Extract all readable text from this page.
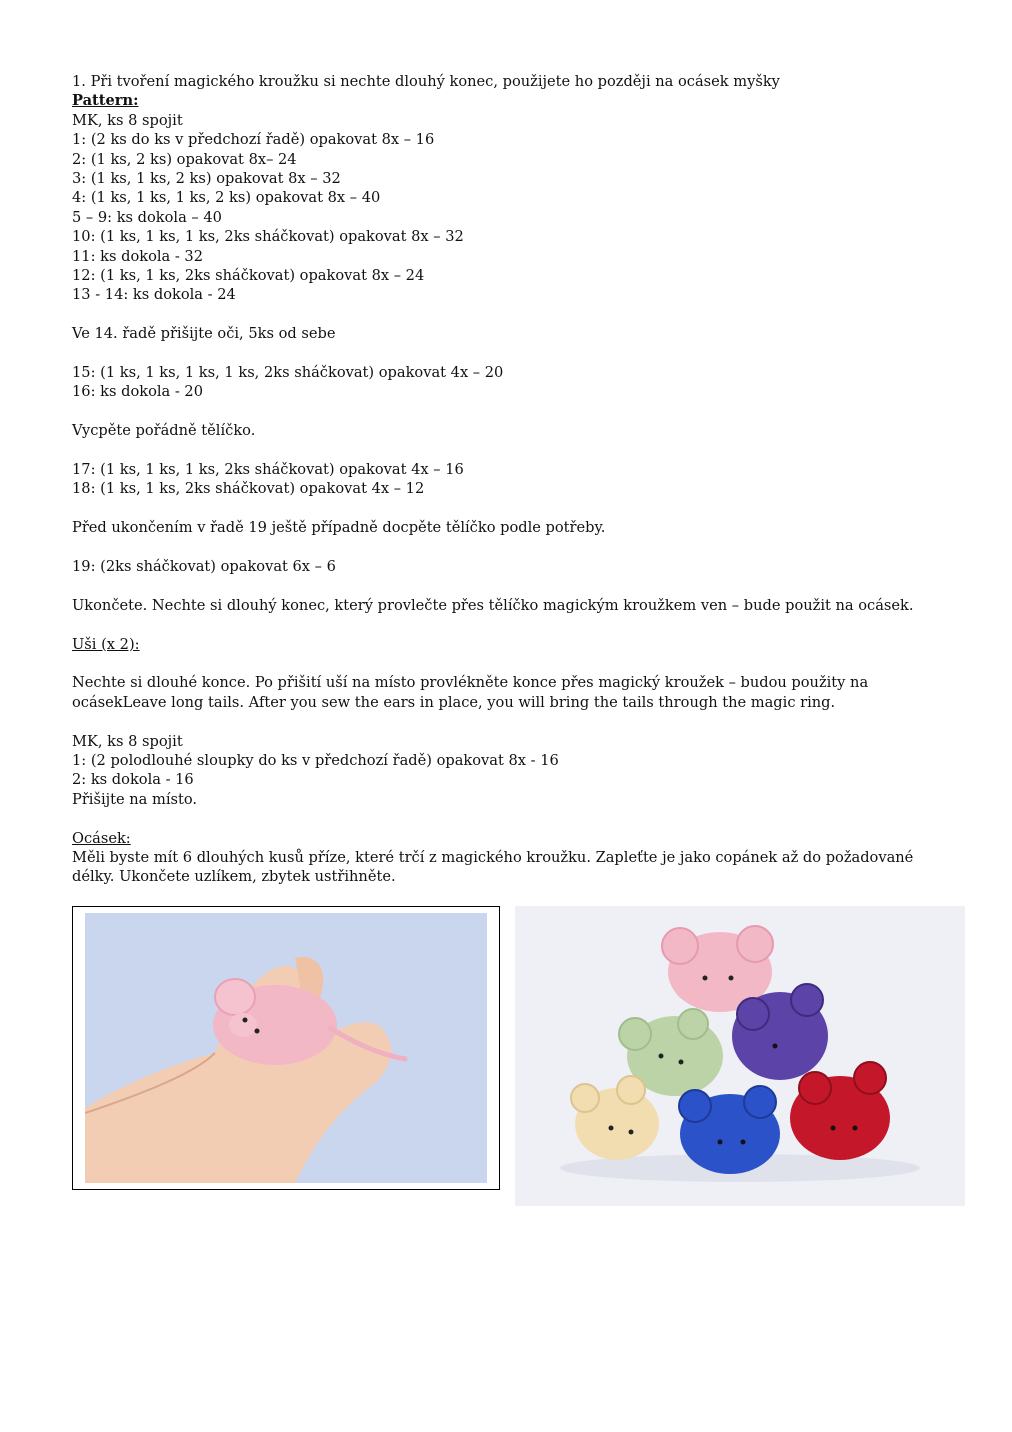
1. Při tvoření magického kroužku si nechte dlouhý konec, použijete ho později na ocásek myšky
Pattern:
MK, ks 8 spojit
1: (2 ks do ks v předchozí řadě) opakovat 8x – 16
2: (1 ks, 2 ks) opakovat 8x– 24
3: (1 ks, 1 ks, 2 ks) opakovat 8x – 32
4: (1 ks, 1 ks, 1 ks, 2 ks) opakovat 8x – 40
5 – 9: ks dokola – 40
10: (1 ks, 1 ks, 1 ks, 2ks sháčkovat) opakovat 8x – 32
11: ks dokola - 32
12: (1 ks, 1 ks, 2ks sháčkovat) opakovat 8x – 24
13 - 14: ks dokola - 24
Ve 14. řadě přišijte oči, 5ks od sebe
15: (1 ks, 1 ks, 1 ks, 1 ks, 2ks sháčkovat) opakovat 4x – 20
16: ks dokola - 20
Vycpěte pořádně tělíčko.
17: (1 ks, 1 ks, 1 ks, 2ks sháčkovat) opakovat 4x – 16
18: (1 ks, 1 ks, 2ks sháčkovat) opakovat 4x – 12
Před ukončením v řadě 19 ještě případně docpěte tělíčko podle potřeby.
19: (2ks sháčkovat) opakovat 6x – 6
Ukončete. Nechte si dlouhý konec, který provlečte přes tělíčko magickým kroužkem ven – bude použit na ocásek.
Uši (x 2):
Nechte si dlouhé konce. Po přišití uší na místo provlékněte konce přes magický kroužek – budou použity na
ocásekLeave long tails. After you sew the ears in place, you will bring the tails through the magic ring.
MK, ks 8 spojit
1: (2 polodlouhé sloupky do ks v předchozí řadě) opakovat 8x - 16
2: ks dokola - 16
Přišijte na místo.
Ocásek:
Měli byste mít 6 dlouhých kusů příze, které trčí z magického kroužku. Zapleťte je jako copánek až do požadované
délky. Ukončete uzlíkem, zbytek ustřihněte.
